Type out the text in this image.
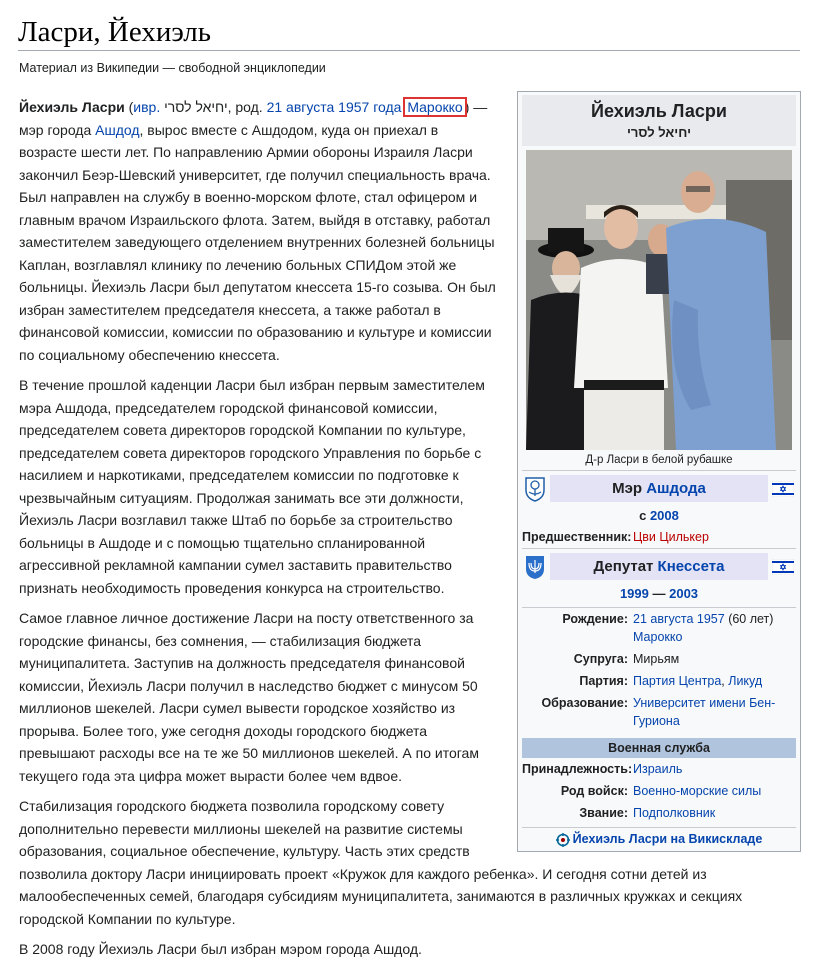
Ласри, Йехиэль
Материал из Википедии — свободной энциклопедии

Йехиэль Ласри (ивр. יחיאל לסרי, род. 21 августа 1957 года Марокко ) — мэр города Ашдод, вырос вместе с Ашдодом, куда он приехал в возрасте шести лет. По направлению Армии обороны Израиля Ласри закончил Беэр-Шевский университет, где получил специальность врача. Был направлен на службу в военно-морском флоте, стал офицером и главным врачом Израильского флота. Затем, выйдя в отставку, работал заместителем заведующего отделением внутренних болезней больницы Каплан, возглавлял клинику по лечению больных СПИДом этой же больницы. Йехиэль Ласри был депутатом кнессета 15-го созыва. Он был избран заместителем председателя кнессета, а также работал в финансовой комиссии, комиссии по образованию и культуре и комиссии по социальному обеспечению кнессета.

В течение прошлой каденции Ласри был избран первым заместителем мэра Ашдода, председателем городской финансовой комиссии, председателем совета директоров городской Компании по культуре, председателем совета директоров городского Управления по борьбе с насилием и наркотиками, председателем комиссии по подготовке к чрезвычайным ситуациям. Продолжая занимать все эти должности, Йехиэль Ласри возглавил также Штаб по борьбе за строительство больницы в Ашдоде и с помощью тщательно спланированной агрессивной рекламной кампании сумел заставить правительство признать необходимость проведения конкурса на строительство.

Самое главное личное достижение Ласри на посту ответственного за городские финансы, без сомнения, — стабилизация бюджета муниципалитета. Заступив на должность председателя финансовой комиссии, Йехиэль Ласри получил в наследство бюджет с минусом 50 миллионов шекелей. Ласри сумел вывести городское хозяйство из прорыва. Более того, уже сегодня доходы городского бюджета превышают расходы все на те же 50 миллионов шекелей. А по итогам текущего года эта цифра может вырасти более чем вдвое.

Стабилизация городского бюджета позволила городскому совету дополнительно перевести миллионы шекелей на развитие системы образования, социальное обеспечение, культуру. Часть этих средств позволила доктору Ласри инициировать проект «Кружок для каждого ребенка». И сегодня сотни детей из малообеспеченных семей, благодаря субсидиям муниципалитета, занимаются в различных кружках и секциях городской Компании по культуре.

В 2008 году Йехиэль Ласри был избран мэром города Ашдод.

Йехиэль Ласри
יחיאל לסרי
Д-р Ласри в белой рубашке
Мэр Ашдода
с 2008
Предшественник: Цви Цилькер
Депутат Кнессета
1999 — 2003
Рождение: 21 августа 1957 (60 лет)
Марокко
Супруга: Мирьям
Партия: Партия Центра, Ликуд
Образование: Университет имени Бен-Гуриона
Военная служба
Принадлежность: Израиль
Род войск: Военно-морские силы
Звание: Подполковник
Йехиэль Ласри на Викискладе
